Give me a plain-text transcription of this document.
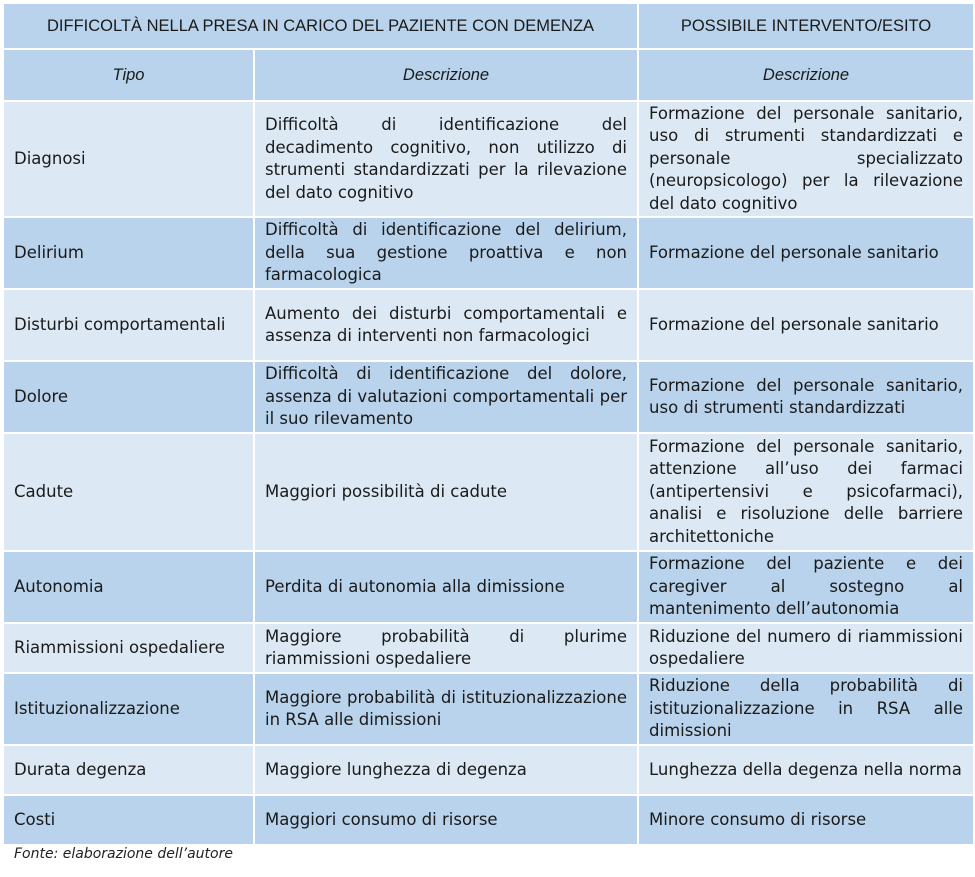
DIFFICOLTÀ NELLA PRESA IN CARICO DEL PAZIENTE CON DEMENZA		POSSIBILE INTERVENTO/ESITO
Tipo	Descrizione	Descrizione
Diagnosi	Difficoltà di identificazione del decadimento cognitivo, non utilizzo di strumenti standardizzati per la rilevazione del dato cognitivo	Formazione del personale sanitario, uso di strumenti standardizzati e personale specializzato (neuropsicologo) per la rilevazione del dato cognitivo
Delirium	Difficoltà di identificazione del delirium, della sua gestione proattiva e non farmacologica	Formazione del personale sanitario
Disturbi comportamentali	Aumento dei disturbi comportamentali e assenza di interventi non farmacologici	Formazione del personale sanitario
Dolore	Difficoltà di identificazione del dolore, assenza di valutazioni comportamentali per il suo rilevamento	Formazione del personale sanitario, uso di strumenti standardizzati
Cadute	Maggiori possibilità di cadute	Formazione del personale sanitario, attenzione all’uso dei farmaci (antipertensivi e psicofarmaci), analisi e risoluzione delle barriere architettoniche
Autonomia	Perdita di autonomia alla dimissione	Formazione del paziente e dei caregiver al sostegno al mantenimento dell’autonomia
Riammissioni ospedaliere	Maggiore probabilità di plurime riammissioni ospedaliere	Riduzione del numero di riammissioni ospedaliere
Istituzionalizzazione	Maggiore probabilità di istituzionalizzazione in RSA alle dimissioni	Riduzione della probabilità di istituzionalizzazione in RSA alle dimissioni
Durata degenza	Maggiore lunghezza di degenza	Lunghezza della degenza nella norma
Costi	Maggiori consumo di risorse	Minore consumo di risorse
Fonte: elaborazione dell’autore
